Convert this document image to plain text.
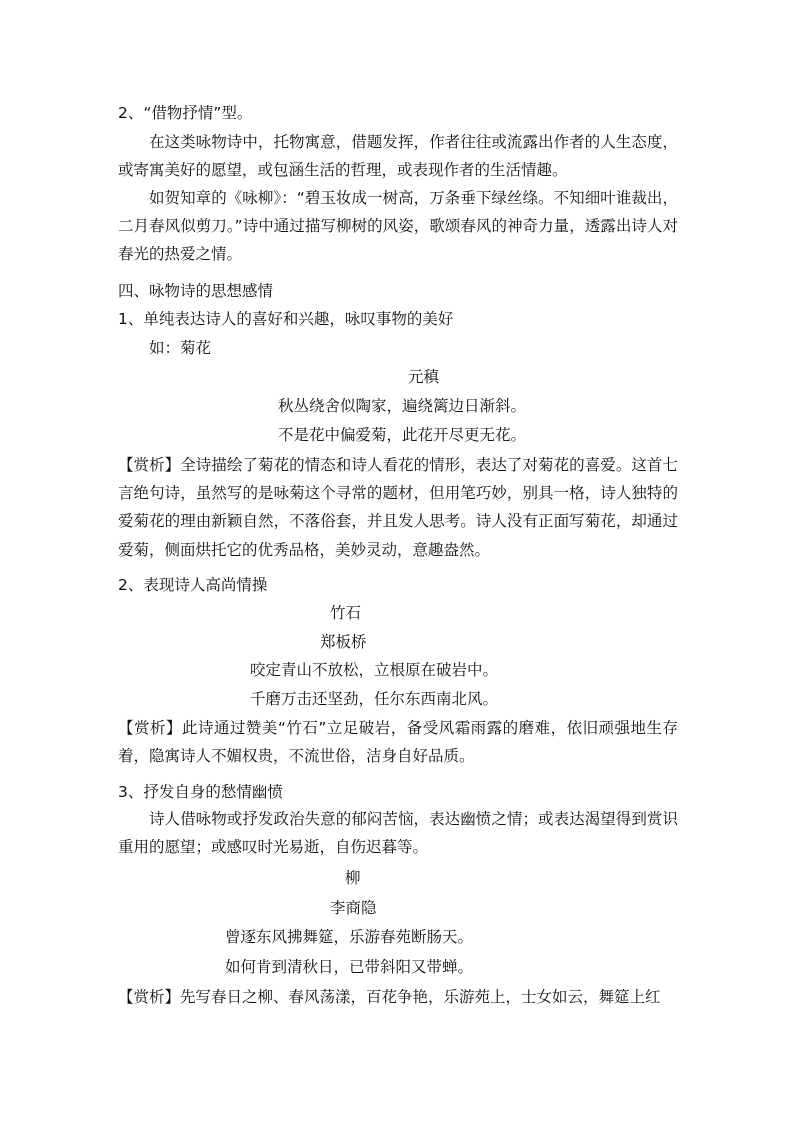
2、“借物抒情”型。
在这类咏物诗中，托物寓意，借题发挥，作者往往或流露出作者的人生态度，或寄寓美好的愿望，或包涵生活的哲理，或表现作者的生活情趣。
如贺知章的《咏柳》：“碧玉妆成一树高，万条垂下绿丝绦。不知细叶谁裁出，二月春风似剪刀。”诗中通过描写柳树的风姿，歌颂春风的神奇力量，透露出诗人对春光的热爱之情。
四、咏物诗的思想感情
1、单纯表达诗人的喜好和兴趣，咏叹事物的美好
如：菊花
元稹
秋丛绕舍似陶家，遍绕篱边日渐斜。
不是花中偏爱菊，此花开尽更无花。
【赏析】全诗描绘了菊花的情态和诗人看花的情形，表达了对菊花的喜爱。这首七言绝句诗，虽然写的是咏菊这个寻常的题材，但用笔巧妙，别具一格，诗人独特的爱菊花的理由新颖自然，不落俗套，并且发人思考。诗人没有正面写菊花，却通过爱菊，侧面烘托它的优秀品格，美妙灵动，意趣盎然。
2、表现诗人高尚情操
竹石
郑板桥
咬定青山不放松，立根原在破岩中。
千磨万击还坚劲，任尔东西南北风。
【赏析】此诗通过赞美“竹石”立足破岩，备受风霜雨露的磨难，依旧顽强地生存着，隐寓诗人不媚权贵，不流世俗，洁身自好品质。
3、抒发自身的愁情幽愤
诗人借咏物或抒发政治失意的郁闷苦恼，表达幽愤之情；或表达渴望得到赏识重用的愿望；或感叹时光易逝，自伤迟暮等。
柳
李商隐
曾逐东风拂舞筵，乐游春苑断肠天。
如何肯到清秋日，已带斜阳又带蝉。
【赏析】先写春日之柳、春风荡漾，百花争艳，乐游苑上，士女如云，舞筵上红
